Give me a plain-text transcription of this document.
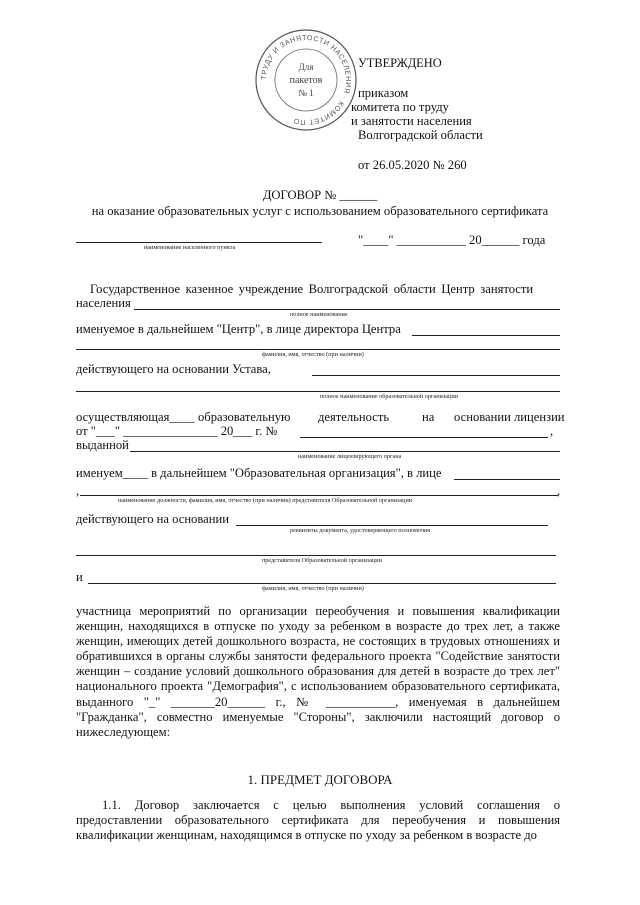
ТРУДУ И ЗАНЯТОСТИ НАСЕЛЕНИЯ · КОМИТЕТ ПО
Для
пакетов
№ 1
УТВЕРЖДЕНО
приказом
комитета по труду
и занятости населения
Волгоградской области
от 26.05.2020 № 260
ДОГОВОР № ______
на оказание образовательных услуг с использованием образовательного сертификата
наименование населенного пункта
"____" ___________ 20______ года
Государственное казенное учреждение Волгоградской области Центр занятости
населения
полное наименование
именуемое в дальнейшем "Центр", в лице директора Центра
фамилия, имя, отчество (при наличии)
действующего на основании Устава,
полное наименование образовательной организации
осуществляющая____ образовательную деятельность	на основании лицензии
от "___" _______________ 20___ г. №	,
выданной
наименование лицензирующего органа
именуем____ в дальнейшем "Образовательная организация", в лице
,	,
наименование должности, фамилия, имя, отчество (при наличии) представителя Образовательной организации
действующего на основании
реквизиты документа, удостоверяющего полномочия
представителя Образовательной организации
и
фамилия, имя, отчество (при наличии)
участница мероприятий по организации переобучения и повышения квалификации женщин, находящихся в отпуске по уходу за ребенком в возрасте до трех лет, а также женщин, имеющих детей дошкольного возраста, не состоящих в трудовых отношениях и обратившихся в органы службы занятости федерального проекта "Содействие занятости женщин – создание условий дошкольного образования для детей в возрасте до трех лет" национального проекта "Демография", с использованием образовательного сертификата, выданного "_" _______20______ г., № ___________, именуемая в дальнейшем "Гражданка", совместно именуемые "Стороны", заключили настоящий договор о нижеследующем:
1. ПРЕДМЕТ ДОГОВОРА
1.1. Договор заключается с целью выполнения условий соглашения о предоставлении образовательного сертификата для переобучения и повышения квалификации женщинам, находящимся в отпуске по уходу за ребенком в возрасте до
